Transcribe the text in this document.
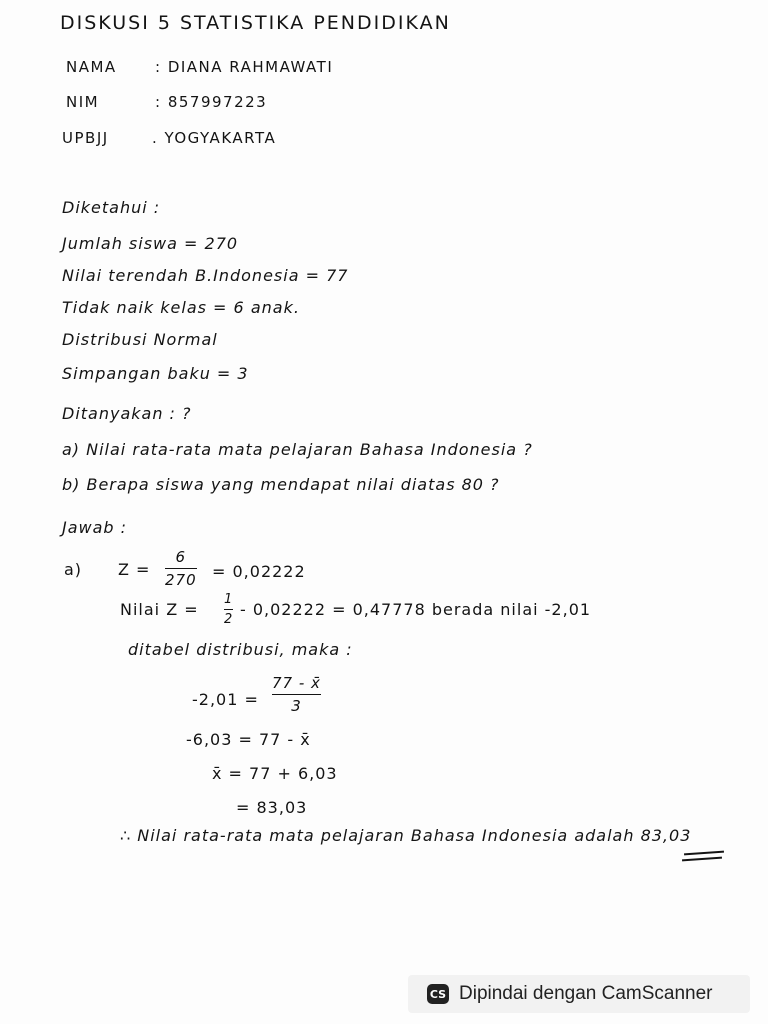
DISKUSI 5 STATISTIKA PENDIDIKAN
NAMA	: DIANA RAHMAWATI
NIM	: 857997223
UPBJJ	. YOGYAKARTA
Diketahui :
Jumlah siswa = 270
Nilai terendah B.Indonesia = 77
Tidak naik kelas = 6 anak.
Distribusi Normal
Simpangan baku = 3
Ditanyakan : ?
a) Nilai rata-rata mata pelajaran Bahasa Indonesia ?
b) Berapa siswa yang mendapat nilai diatas 80 ?
Jawab :
a) Z =
6
270 = 0,02222
Nilai Z =
1
2
- 0,02222 = 0,47778 berada nilai -2,01
ditabel distribusi, maka :
-2,01 =
77 - x̄
3
-6,03 = 77 - x̄
x̄ = 77 + 6,03
= 83,03
∴ Nilai rata-rata mata pelajaran Bahasa Indonesia adalah 83,03
CS Dipindai dengan CamScanner
